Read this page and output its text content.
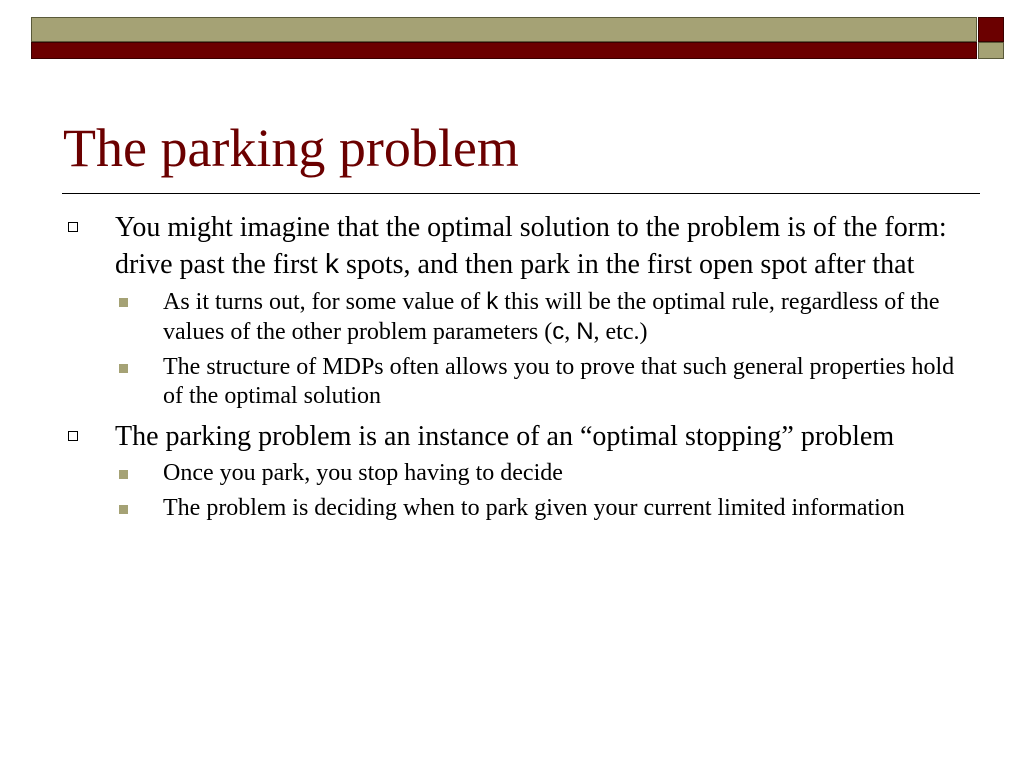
The parking problem
You might imagine that the optimal solution to the problem is of the form: drive past the first k spots, and then park in the first open spot after that
As it turns out, for some value of k this will be the optimal rule, regardless of the values of the other problem parameters (c, N, etc.)
The structure of MDPs often allows you to prove that such general properties hold of the optimal solution
The parking problem is an instance of an “optimal stopping” problem
Once you park, you stop having to decide
The problem is deciding when to park given your current limited information
